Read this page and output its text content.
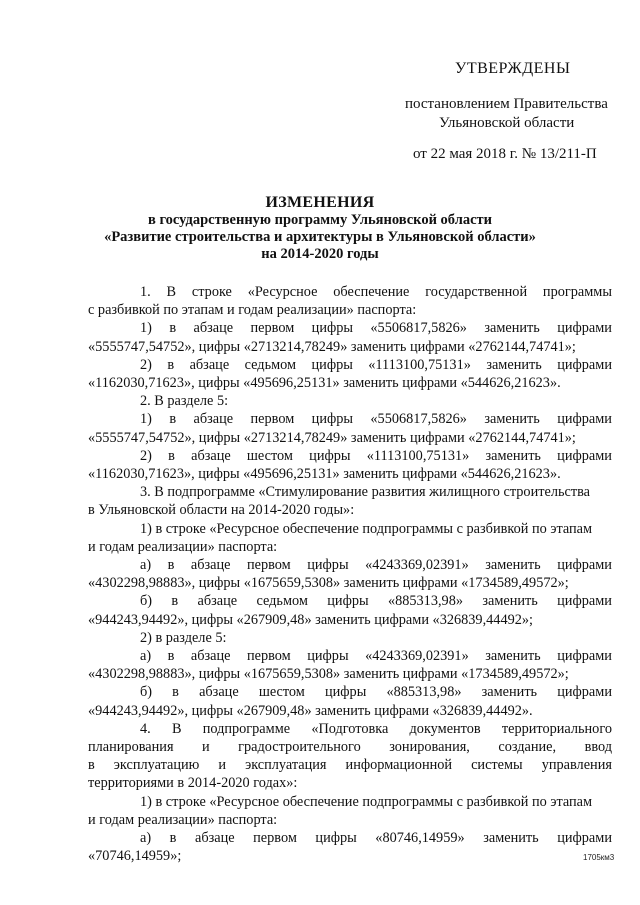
УТВЕРЖДЕНЫ
постановлением Правительства
Ульяновской области
от 22 мая 2018 г. № 13/211-П
ИЗМЕНЕНИЯ
в государственную программу Ульяновской области
«Развитие строительства и архитектуры в Ульяновской области»
на 2014-2020 годы
1. В строке «Ресурсное обеспечение государственной программы
с разбивкой по этапам и годам реализации» паспорта:
1) в абзаце первом цифры «5506817,5826» заменить цифрами
«5555747,54752», цифры «2713214,78249» заменить цифрами «2762144,74741»;
2) в абзаце седьмом цифры «1113100,75131» заменить цифрами
«1162030,71623», цифры «495696,25131» заменить цифрами «544626,21623».
2. В разделе 5:
1) в абзаце первом цифры «5506817,5826» заменить цифрами
«5555747,54752», цифры «2713214,78249» заменить цифрами «2762144,74741»;
2) в абзаце шестом цифры «1113100,75131» заменить цифрами
«1162030,71623», цифры «495696,25131» заменить цифрами «544626,21623».
3. В подпрограмме «Стимулирование развития жилищного строительства
в Ульяновской области на 2014-2020 годы»:
1) в строке «Ресурсное обеспечение подпрограммы с разбивкой по этапам
и годам реализации» паспорта:
а) в абзаце первом цифры «4243369,02391» заменить цифрами
«4302298,98883», цифры «1675659,5308» заменить цифрами «1734589,49572»;
б) в абзаце седьмом цифры «885313,98» заменить цифрами
«944243,94492», цифры «267909,48» заменить цифрами «326839,44492»;
2) в разделе 5:
а) в абзаце первом цифры «4243369,02391» заменить цифрами
«4302298,98883», цифры «1675659,5308» заменить цифрами «1734589,49572»;
б) в абзаце шестом цифры «885313,98» заменить цифрами
«944243,94492», цифры «267909,48» заменить цифрами «326839,44492».
4. В подпрограмме «Подготовка документов территориального
планирования и градостроительного зонирования, создание, ввод
в эксплуатацию и эксплуатация информационной системы управления
территориями в 2014-2020 годах»:
1) в строке «Ресурсное обеспечение подпрограммы с разбивкой по этапам
и годам реализации» паспорта:
а) в абзаце первом цифры «80746,14959» заменить цифрами
«70746,14959»;	1705км3
